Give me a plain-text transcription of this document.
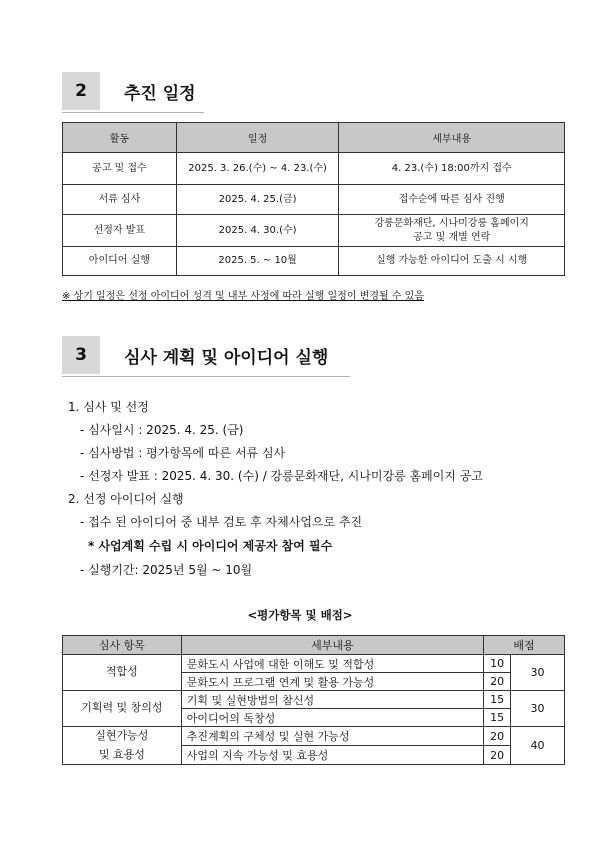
2	추진 일정
활동	일정	세부내용
공고 및 접수	2025. 3. 26.(수) ~ 4. 23.(수)	4. 23.(수) 18:00까지 접수
서류 심사	2025. 4. 25.(금)	접수순에 따른 심사 진행
선정자 발표	2025. 4. 30.(수)	강릉문화재단, 시나미강릉 홈페이지
공고 및 개별 연락

아이디어 실행	2025. 5. ~ 10월	실행 가능한 아이디어 도출 시 시행
※ 상기 일정은 선정 아이디어 성격 및 내부 사정에 따라 실행 일정이 변경될 수 있음
3	심사 계획 및 아이디어 실행
1. 심사 및 선정
- 심사일시 : 2025. 4. 25. (금)
- 심사방법 : 평가항목에 따른 서류 심사
- 선정자 발표 : 2025. 4. 30. (수) / 강릉문화재단, 시나미강릉 홈페이지 공고
2. 선정 아이디어 실행
- 접수 된 아이디어 중 내부 검토 후 자체사업으로 추진
* 사업계획 수립 시 아이디어 제공자 참여 필수
- 실행기간: 2025년 5월 ~ 10월
<평가항목 및 배점>
심사 항목	세부내용	배점	
적합성	문화도시 사업에 대한 이해도 및 적합성	10	30
	문화도시 프로그램 연계 및 활용 가능성	20	
기획력 및 창의성	기획 및 실현방법의 참신성	15	30
	아이디어의 독창성	15	

실현가능성
및 효용성	추진계획의 구체성 및 실현 가능성	20	40
	사업의 지속 가능성 및 효용성	20	
